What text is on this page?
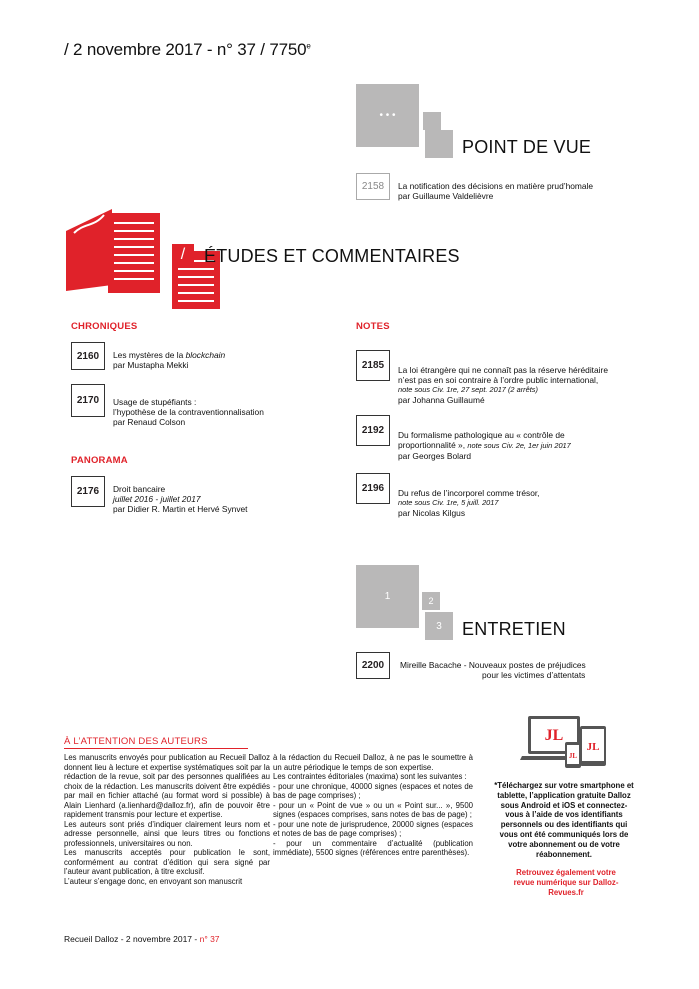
/ 2 novembre 2017 - n° 37 / 7750e
• • •
POINT DE VUE
2158	La notification des décisions en matière prud’homale
par Guillaume Valdelièvre
/ ÉTUDES ET COMMENTAIRES
CHRONIQUES
2160	Les mystères de la blockchain
par Mustapha Mekki
2170	Usage de stupéfiants :
l’hypothèse de la contraventionnalisation
par Renaud Colson
PANORAMA
2176	Droit bancaire
juillet 2016 - juillet 2017
par Didier R. Martin et Hervé Synvet
NOTES
2185	La loi étrangère qui ne connaît pas la réserve héréditaire
n’est pas en soi contraire à l’ordre public international,
note sous Civ. 1re, 27 sept. 2017 (2 arrêts)
par Johanna Guillaumé
2192	Du formalisme pathologique au « contrôle de
proportionnalité », note sous Civ. 2e, 1er juin 2017
par Georges Bolard
2196	Du refus de l’incorporel comme trésor,
note sous Civ. 1re, 5 juill. 2017
par Nicolas Kilgus
1	2
3 ENTRETIEN
2200	Mireille Bacache - Nouveaux postes de préjudices
pour les victimes d’attentats
À L’ATTENTION DES AUTEURS

Les manuscrits envoyés pour publication au Recueil Dalloz donnent lieu à lecture et expertise systématiques soit par la rédaction de la revue, soit par des personnes qualifiées au choix de la rédaction. Les manuscrits doivent être expédiés par mail en fichier attaché (au format word si possible) à Alain Lienhard (a.lienhard@dalloz.fr), afin de pouvoir être rapidement transmis pour lecture et expertise.

Les auteurs sont priés d’indiquer clairement leurs nom et adresse personnelle, ainsi que leurs titres ou fonctions professionnels, universitaires ou non.

Les manuscrits acceptés pour publication le sont, conformément au contrat d’édition qui sera signé par l’auteur avant publication, à titre exclusif.

L’auteur s’engage donc, en envoyant son manuscrit

à la rédaction du Recueil Dalloz, à ne pas le soumettre à un autre périodique le temps de son expertise.

Les contraintes éditoriales (maxima) sont les suivantes :

- pour une chronique, 40000 signes (espaces et notes de bas de page comprises) ;

- pour un « Point de vue » ou un « Point sur... », 9500 signes (espaces comprises, sans notes de bas de page) ;

- pour une note de jurisprudence, 20000 signes (espaces et notes de bas de page comprises) ;

- pour un commentaire d’actualité (publication immédiate), 5500 signes (références entre parenthèses).

JL
JL
JL
*Téléchargez sur votre smartphone et tablette, l’application gratuite Dalloz sous Android et iOS et connectez-vous à l’aide de vos identifiants personnels ou des identifiants qui vous ont été communiqués lors de votre abonnement ou de votre réabonnement.
Retrouvez également votre revue numérique sur Dalloz-Revues.fr
Recueil Dalloz - 2 novembre 2017 - n° 37
